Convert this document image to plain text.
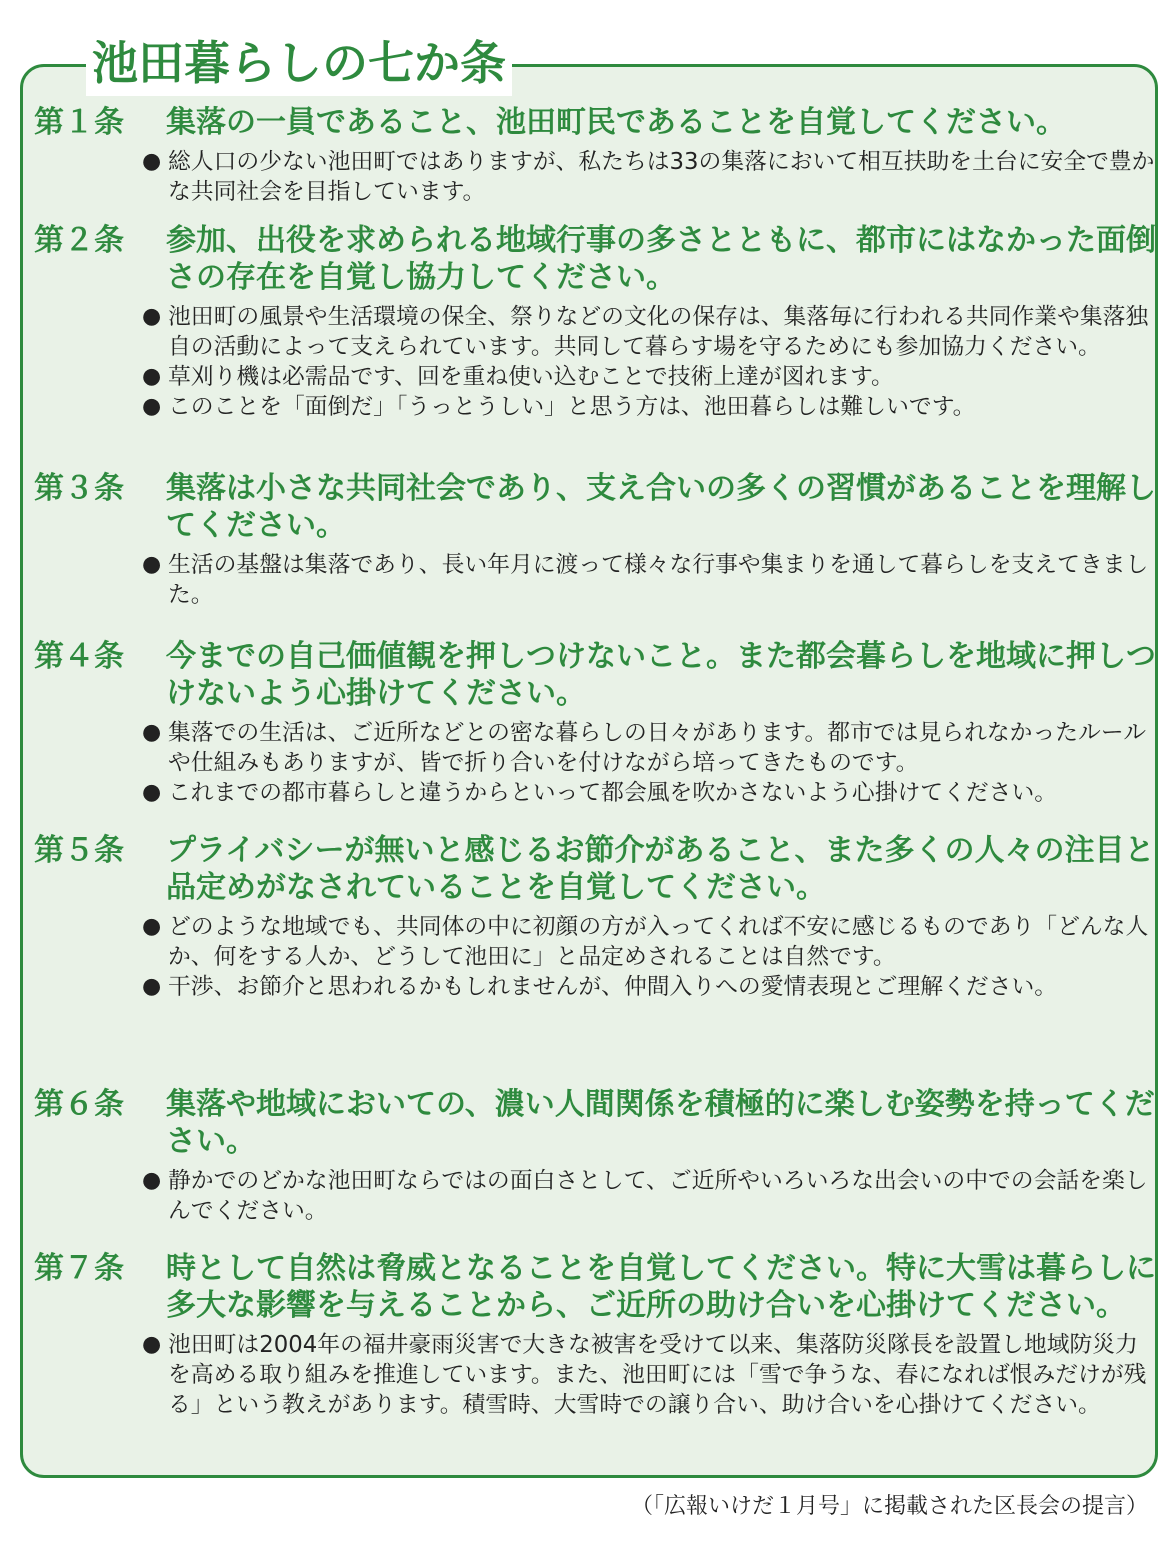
池田暮らしの七か条
第１条 集落の一員であること、池田町民であることを自覚してください。
● 総人口の少ない池田町ではありますが、私たちは33の集落において相互扶助を土台に安全で豊かな共同社会を目指しています。
第２条 参加、出役を求められる地域行事の多さとともに、都市にはなかった面倒さの存在を自覚し協力してください。
● 池田町の風景や生活環境の保全、祭りなどの文化の保存は、集落毎に行われる共同作業や集落独自の活動によって支えられています。共同して暮らす場を守るためにも参加協力ください。
● 草刈り機は必需品です、回を重ね使い込むことで技術上達が図れます。
● このことを「面倒だ」「うっとうしい」と思う方は、池田暮らしは難しいです。
第３条 集落は小さな共同社会であり、支え合いの多くの習慣があることを理解してください。
● 生活の基盤は集落であり、長い年月に渡って様々な行事や集まりを通して暮らしを支えてきました。
第４条 今までの自己価値観を押しつけないこと。また都会暮らしを地域に押しつけないよう心掛けてください。
● 集落での生活は、ご近所などとの密な暮らしの日々があります。都市では見られなかったルールや仕組みもありますが、皆で折り合いを付けながら培ってきたものです。
● これまでの都市暮らしと違うからといって都会風を吹かさないよう心掛けてください。
第５条 プライバシーが無いと感じるお節介があること、また多くの人々の注目と品定めがなされていることを自覚してください。
● どのような地域でも、共同体の中に初顔の方が入ってくれば不安に感じるものであり「どんな人か、何をする人か、どうして池田に」と品定めされることは自然です。
● 干渉、お節介と思われるかもしれませんが、仲間入りへの愛情表現とご理解ください。
第６条 集落や地域においての、濃い人間関係を積極的に楽しむ姿勢を持ってください。
● 静かでのどかな池田町ならではの面白さとして、ご近所やいろいろな出会いの中での会話を楽しんでください。
第７条 時として自然は脅威となることを自覚してください。特に大雪は暮らしに多大な影響を与えることから、ご近所の助け合いを心掛けてください。
● 池田町は2004年の福井豪雨災害で大きな被害を受けて以来、集落防災隊長を設置し地域防災力を高める取り組みを推進しています。また、池田町には「雪で争うな、春になれば恨みだけが残る」という教えがあります。積雪時、大雪時での譲り合い、助け合いを心掛けてください。
（「広報いけだ１月号」に掲載された区長会の提言）
